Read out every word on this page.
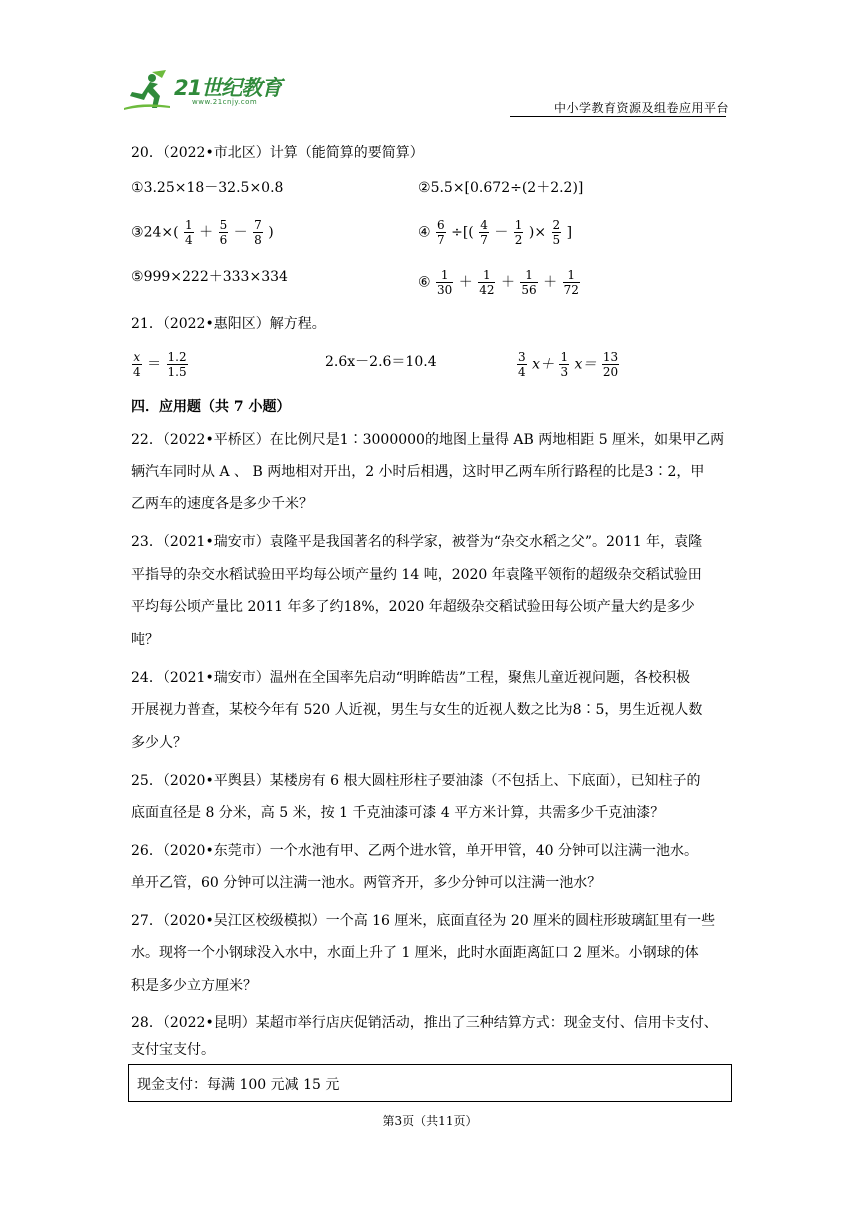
21世纪教育
www.21cnjy.com	中小学教育资源及组卷应用平台
20．（2022•市北区）计算（能简算的要简算）
①3.25×18－32.5×0.8	②5.5×[0.672÷(2＋2.2)]
③24×( $\frac{1}{4} + \frac{5}{6} - \frac{7}{8}$ )	④ $\frac{6}{7}$ ÷[( $\frac{4}{7} - \frac{1}{2}$ )× $\frac{2}{5}$ ]
⑤999×222＋333×334	⑥ $\frac{1}{30} + \frac{1}{42} + \frac{1}{56} + \frac{1}{72}$
21．（2022•惠阳区）解方程。
$\frac{x}{4} = \frac{1.2}{1.5}$	2.6x－2.6＝10.4	$\frac{3}{4} x+ \frac{1}{3} x= \frac{13}{20}$
四．应用题（共 7 小题）
22．（2022•平桥区）在比例尺是1∶3000000的地图上量得 AB 两地相距 5 厘米，如果甲乙两
辆汽车同时从 A 、 B 两地相对开出，2 小时后相遇，这时甲乙两车所行路程的比是3∶2，甲
乙两车的速度各是多少千米？
23．（2021•瑞安市）袁隆平是我国著名的科学家，被誉为“杂交水稻之父”。2011 年，袁隆
平指导的杂交水稻试验田平均每公顷产量约 14 吨，2020 年袁隆平领衔的超级杂交稻试验田
平均每公顷产量比 2011 年多了约18%，2020 年超级杂交稻试验田每公顷产量大约是多少
吨？
24．（2021•瑞安市）温州在全国率先启动“明眸皓齿”工程，聚焦儿童近视问题，各校积极
开展视力普查，某校今年有 520 人近视，男生与女生的近视人数之比为8∶5，男生近视人数
多少人？
25．（2020•平舆县）某楼房有 6 根大圆柱形柱子要油漆（不包括上、下底面），已知柱子的
底面直径是 8 分米，高 5 米，按 1 千克油漆可漆 4 平方米计算，共需多少千克油漆？
26．（2020•东莞市）一个水池有甲、乙两个进水管，单开甲管，40 分钟可以注满一池水。
单开乙管，60 分钟可以注满一池水。两管齐开，多少分钟可以注满一池水？
27．（2020•吴江区校级模拟）一个高 16 厘米，底面直径为 20 厘米的圆柱形玻璃缸里有一些
水。现将一个小钢球没入水中，水面上升了 1 厘米，此时水面距离缸口 2 厘米。小钢球的体
积是多少立方厘米？
28．（2022•昆明）某超市举行店庆促销活动，推出了三种结算方式：现金支付、信用卡支付、
支付宝支付。
现金支付：每满 100 元减 15 元
第3页（共11页）
